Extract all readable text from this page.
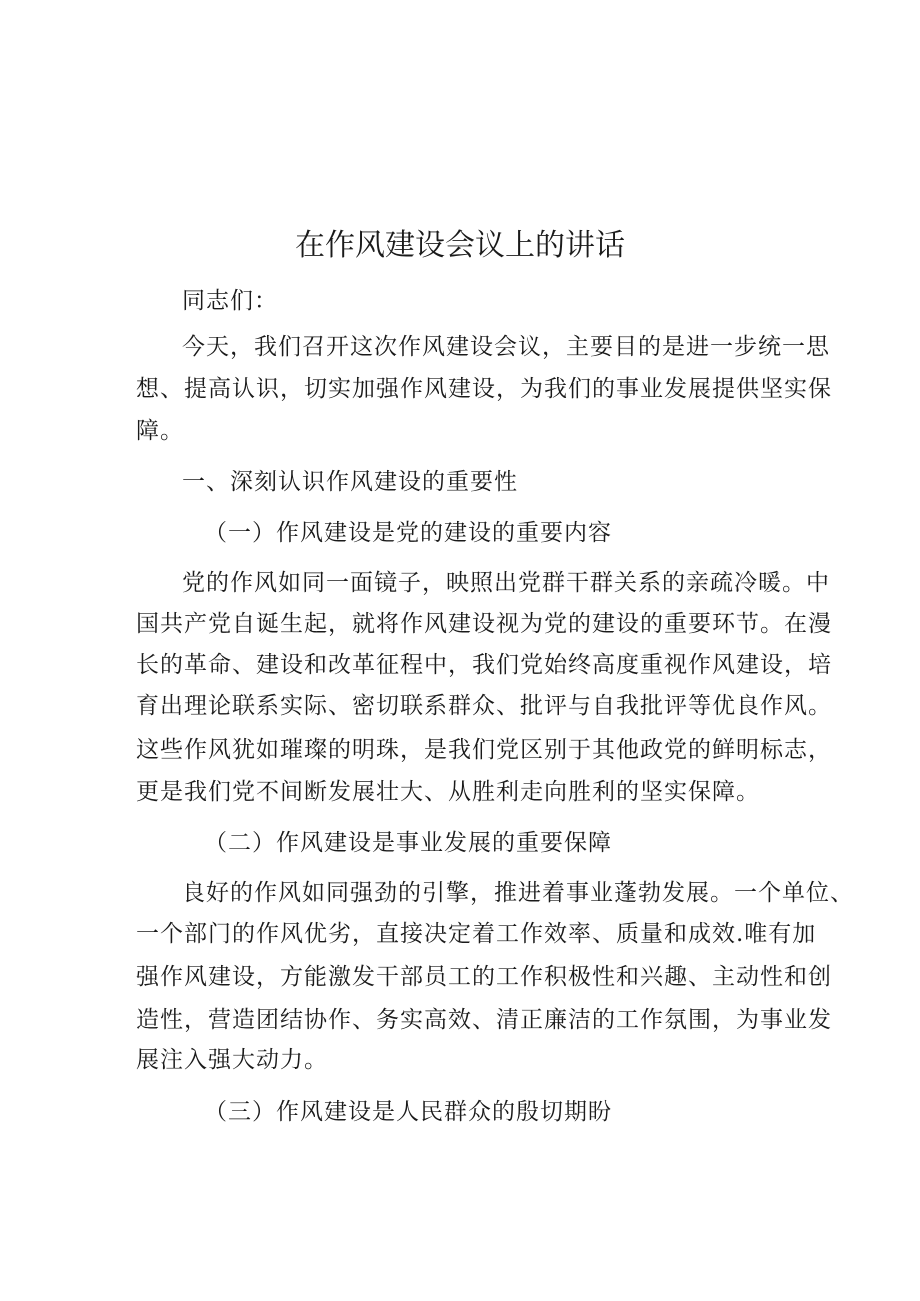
在作风建设会议上的讲话

同志们：

今天，我们召开这次作风建设会议，主要目的是进一步统一思

想、提高认识，切实加强作风建设，为我们的事业发展提供坚实保

障。

一、深刻认识作风建设的重要性

（一）作风建设是党的建设的重要内容

党的作风如同一面镜子，映照出党群干群关系的亲疏冷暖。中

国共产党自诞生起，就将作风建设视为党的建设的重要环节。在漫

长的革命、建设和改革征程中，我们党始终高度重视作风建设，培

育出理论联系实际、密切联系群众、批评与自我批评等优良作风。

这些作风犹如璀璨的明珠，是我们党区别于其他政党的鲜明标志，

更是我们党不间断发展壮大、从胜利走向胜利的坚实保障。

（二）作风建设是事业发展的重要保障

良好的作风如同强劲的引擎，推进着事业蓬勃发展。一个单位、

一个部门的作风优劣，直接决定着工作效率、质量和成效.唯有加

强作风建设，方能激发干部员工的工作积极性和兴趣、主动性和创

造性，营造团结协作、务实高效、清正廉洁的工作氛围，为事业发

展注入强大动力。

（三）作风建设是人民群众的殷切期盼
